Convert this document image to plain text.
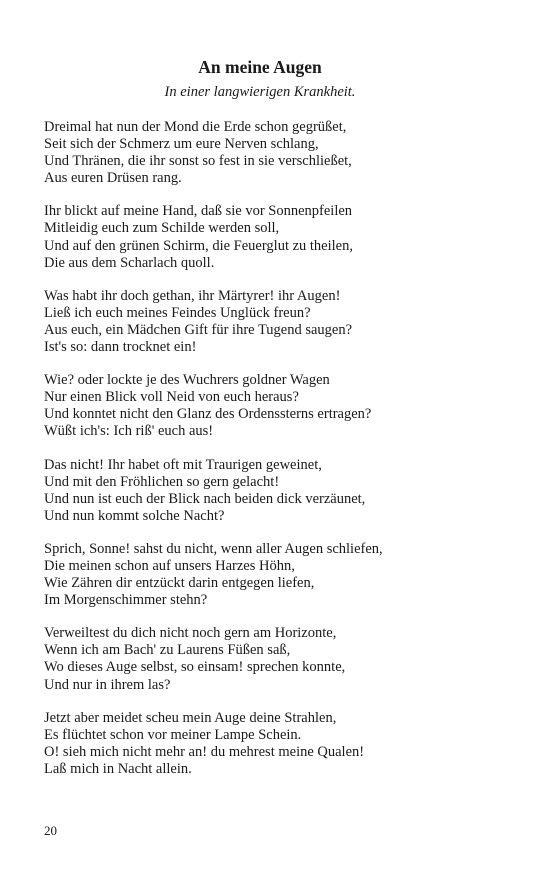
An meine Augen

In einer langwierigen Krankheit.

Dreimal hat nun der Mond die Erde schon gegrüßet,
Seit sich der Schmerz um eure Nerven schlang,
Und Thränen, die ihr sonst so fest in sie verschließet,
Aus euren Drüsen rang.
Ihr blickt auf meine Hand, daß sie vor Sonnenpfeilen
Mitleidig euch zum Schilde werden soll,
Und auf den grünen Schirm, die Feuerglut zu theilen,
Die aus dem Scharlach quoll.
Was habt ihr doch gethan, ihr Märtyrer! ihr Augen!
Ließ ich euch meines Feindes Unglück freun?
Aus euch, ein Mädchen Gift für ihre Tugend saugen?
Ist's so: dann trocknet ein!
Wie? oder lockte je des Wuchrers goldner Wagen
Nur einen Blick voll Neid von euch heraus?
Und konntet nicht den Glanz des Ordenssterns ertragen?
Wüßt ich's: Ich riß' euch aus!
Das nicht! Ihr habet oft mit Traurigen geweinet,
Und mit den Fröhlichen so gern gelacht!
Und nun ist euch der Blick nach beiden dick verzäunet,
Und nun kommt solche Nacht?
Sprich, Sonne! sahst du nicht, wenn aller Augen schliefen,
Die meinen schon auf unsers Harzes Höhn,
Wie Zähren dir entzückt darin entgegen liefen,
Im Morgenschimmer stehn?
Verweiltest du dich nicht noch gern am Horizonte,
Wenn ich am Bach' zu Laurens Füßen saß,
Wo dieses Auge selbst, so einsam! sprechen konnte,
Und nur in ihrem las?
Jetzt aber meidet scheu mein Auge deine Strahlen,
Es flüchtet schon vor meiner Lampe Schein.
O! sieh mich nicht mehr an! du mehrest meine Qualen!
Laß mich in Nacht allein.
20
